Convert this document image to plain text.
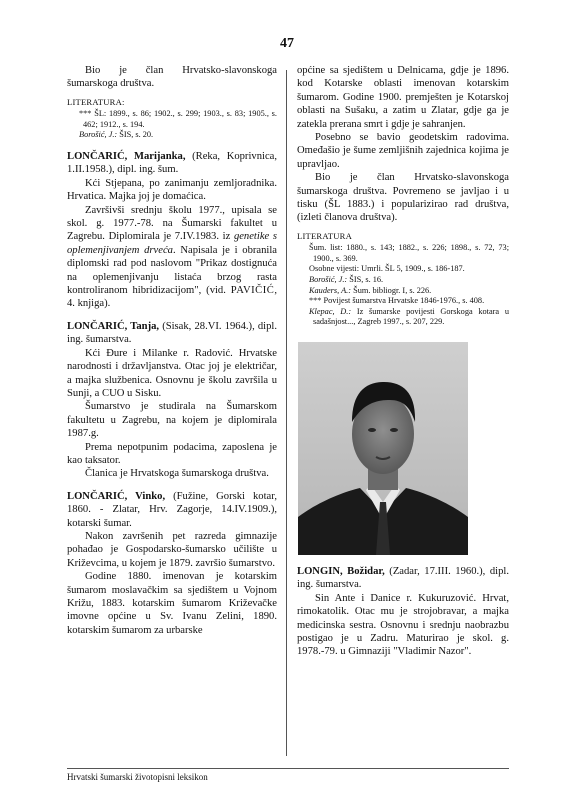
47

Bio je član Hrvatsko-slavonskoga šumarskoga društva.

LITERATURA:
*** ŠL: 1899., s. 86; 1902., s. 299; 1903., s. 83; 1905., s. 462; 1912., s. 194.
Borošić, J.: ŠIS, s. 20.

LONČARIĆ, Marijanka, (Reka, Koprivnica, 1.II.1958.), dipl. ing. šum.

Kći Stjepana, po zanimanju zemljoradnika. Hrvatica. Majka joj je domaćica.

Završivši srednju školu 1977., upisala se skol. g. 1977.-78. na Šumarski fakultet u Zagrebu. Diplomirala je 7.IV.1983. iz genetike s oplemenjivanjem drveća. Napisala je i obranila diplomski rad pod naslovom "Prikaz dostignuća na oplemenjivanju listaća brzog rasta kontroliranom hibridizacijom", (vid. PAVIČIĆ, 4. knjiga).

LONČARIĆ, Tanja, (Sisak, 28.VI. 1964.), dipl. ing. šumarstva.

Kći Đure i Milanke r. Radović. Hrvatske narodnosti i državljanstva. Otac joj je električar, a majka službenica. Osnovnu je školu završila u Sunji, a CUO u Sisku.

Šumarstvo je studirala na Šumarskom fakultetu u Zagrebu, na kojem je diplomirala 1987.g.

Prema nepotpunim podacima, zaposlena je kao taksator.

Članica je Hrvatskoga šumarskoga društva.

LONČARIĆ, Vinko, (Fužine, Gorski kotar, 1860. - Zlatar, Hrv. Zagorje, 14.IV.1909.), kotarski šumar.

Nakon završenih pet razreda gimnazije pohađao je Gospodarsko-šumarsko učilište u Križevcima, u kojem je 1879. završio šumarstvo.

Godine 1880. imenovan je kotarskim šumarom moslavačkim sa sjedištem u Vojnom Križu, 1883. kotarskim šumarom Križevačke imovne općine u Sv. Ivanu Zelini, 1890. kotarskim šumarom za urbarske

općine sa sjedištem u Delnicama, gdje je 1896. kod Kotarske oblasti imenovan kotarskim šumarom. Godine 1900. premješten je Kotarskoj oblasti na Sušaku, a zatim u Zlatar, gdje ga je zatekla prerana smrt i gdje je sahranjen.

Posebno se bavio geodetskim radovima. Omeđašio je šume zemljišnih zajednica kojima je upravljao.

Bio je član Hrvatsko-slavonskoga šumarskoga društva. Povremeno se javljao i u tisku (ŠL 1883.) i popularizirao rad društva, (izleti članova društva).

LITERATURA
Šum. list: 1880., s. 143; 1882., s. 226; 1898., s. 72, 73; 1900., s. 369.
Osobne vijesti: Umrli. ŠL 5, 1909., s. 186-187.
Borošić, J.: ŠIS, s. 16.
Kauders, A.: Šum. bibliogr. I, s. 226.
*** Povijest šumarstva Hrvatske 1846-1976., s. 408.
Klepac, D.: Iz šumarske povijesti Gorskoga kotara u sadašnjost..., Zagreb 1997., s. 207, 229.

LONGIN, Božidar, (Zadar, 17.III. 1960.), dipl. ing. šumarstva.

Sin Ante i Danice r. Kukuruzović. Hrvat, rimokatolik. Otac mu je strojobravar, a majka medicinska sestra. Osnovnu i srednju naobrazbu postigao je u Zadru. Maturirao je skol. g. 1978.-79. u Gimnaziji "Vladimir Nazor".

Hrvatski šumarski životopisni leksikon
